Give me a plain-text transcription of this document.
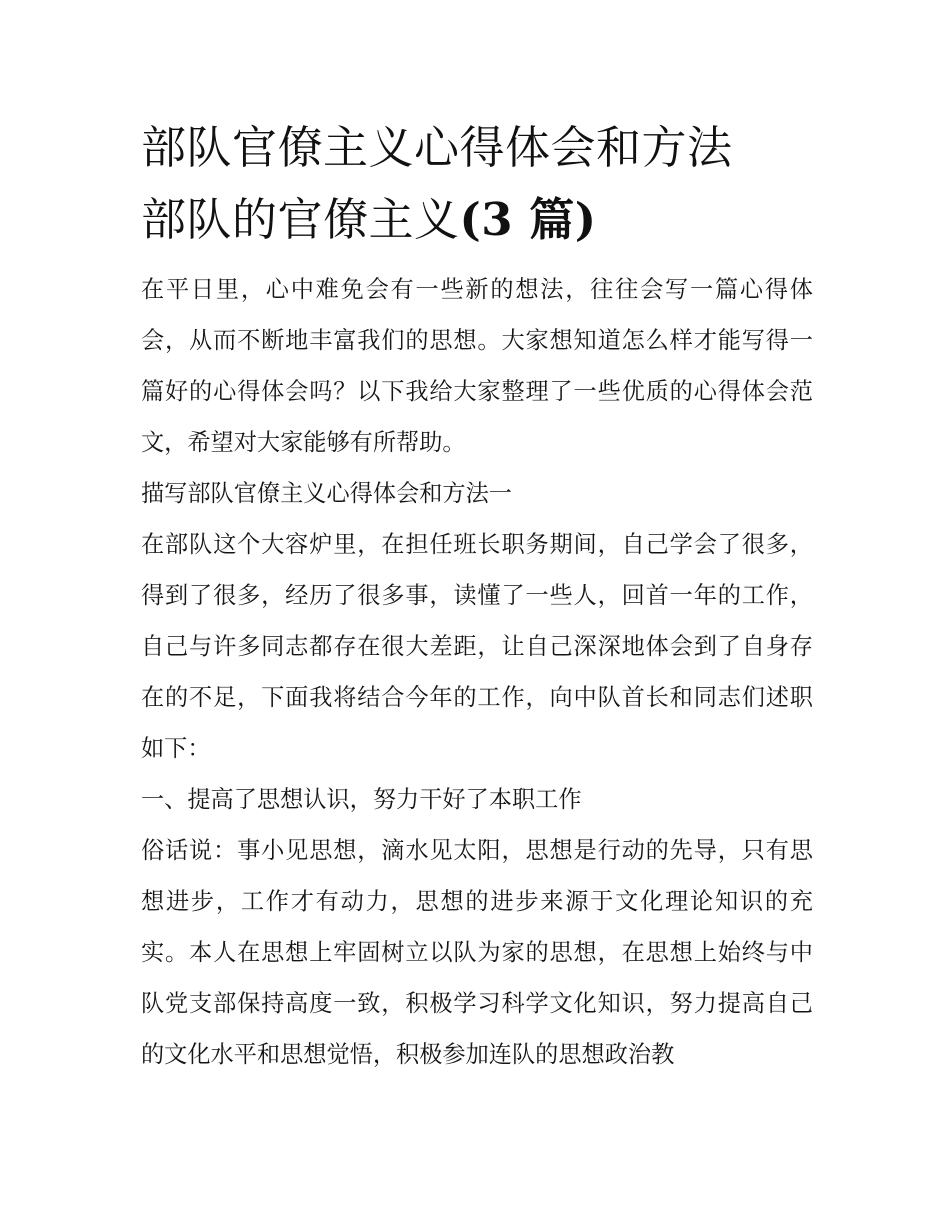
部队官僚主义心得体会和方法
部队的官僚主义(3 篇)

在平日里，心中难免会有一些新的想法，往往会写一篇心得体会，从而不断地丰富我们的思想。大家想知道怎么样才能写得一篇好的心得体会吗？以下我给大家整理了一些优质的心得体会范文，希望对大家能够有所帮助。

描写部队官僚主义心得体会和方法一

在部队这个大容炉里，在担任班长职务期间，自己学会了很多，得到了很多，经历了很多事，读懂了一些人，回首一年的工作，自己与许多同志都存在很大差距，让自己深深地体会到了自身存在的不足，下面我将结合今年的工作，向中队首长和同志们述职如下：

一、提高了思想认识，努力干好了本职工作

俗话说：事小见思想，滴水见太阳，思想是行动的先导，只有思想进步，工作才有动力，思想的进步来源于文化理论知识的充实。本人在思想上牢固树立以队为家的思想，在思想上始终与中队党支部保持高度一致，积极学习科学文化知识，努力提高自己的文化水平和思想觉悟，积极参加连队的思想政治教
